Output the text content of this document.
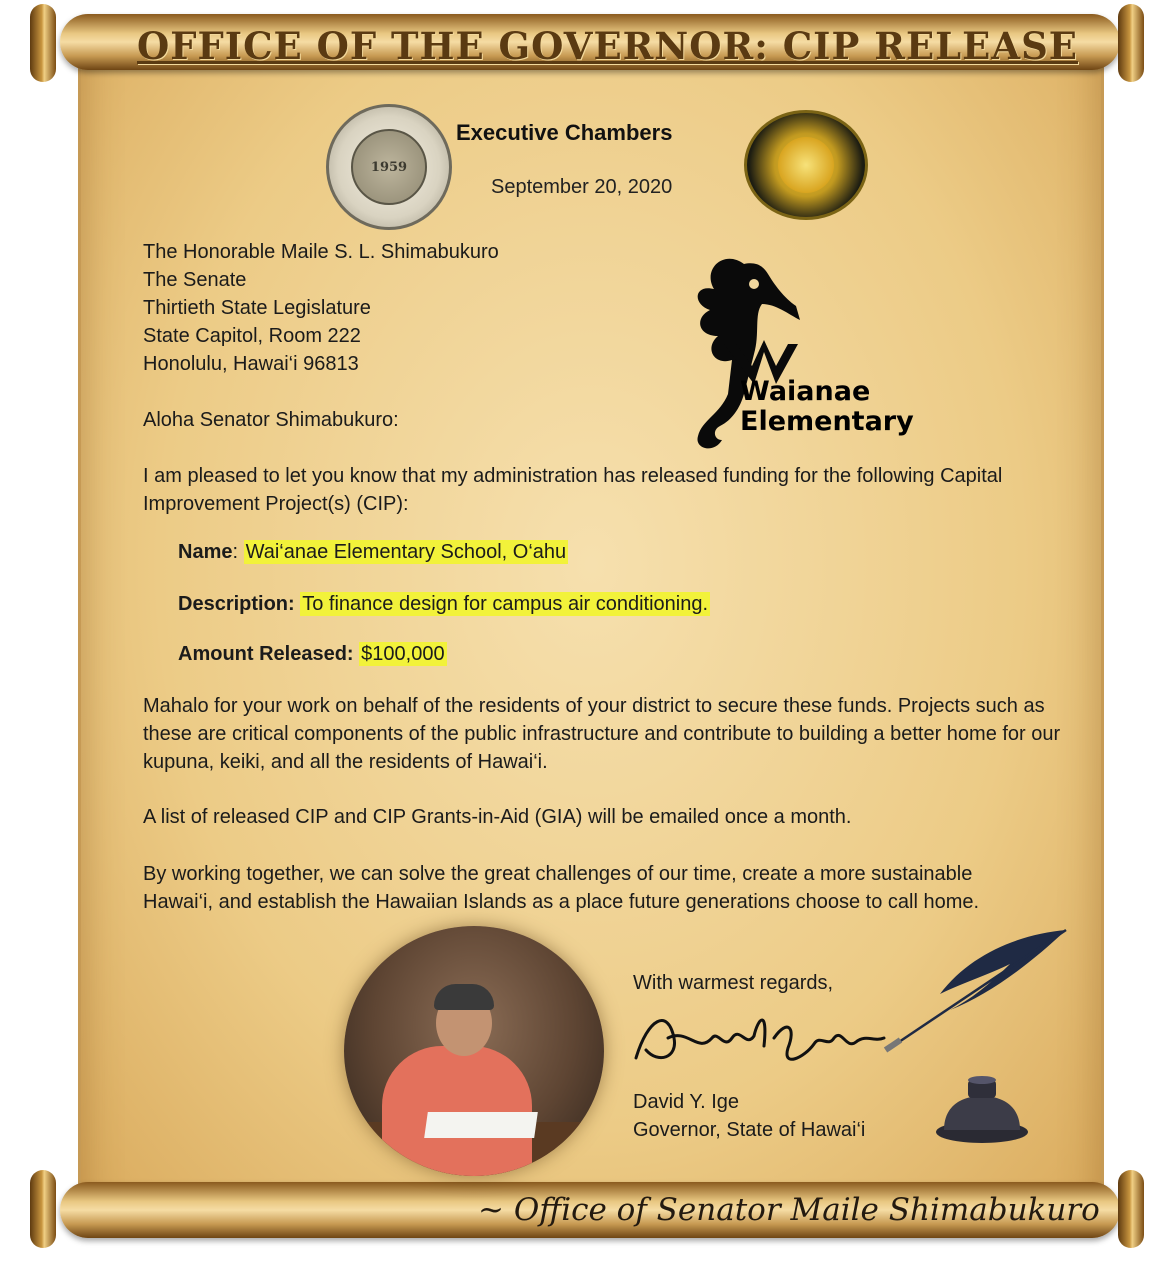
OFFICE OF THE GOVERNOR: CIP RELEASE
1959
Executive Chambers
September 20, 2020
The Honorable Maile S. L. Shimabukuro
The Senate
Thirtieth State Legislature
State Capitol, Room 222
Honolulu, Hawai‘i 96813
Waianae
Elementary
Aloha Senator Shimabukuro:
I am pleased to let you know that my administration has released funding for the following Capital Improvement Project(s) (CIP):
Name: Wai‘anae Elementary School, O‘ahu
Description: To finance design for campus air conditioning.
Amount Released: $100,000
Mahalo for your work on behalf of the residents of your district to secure these funds. Projects such as these are critical components of the public infrastructure and contribute to building a better home for our kupuna, keiki, and all the residents of Hawai‘i.
A list of released CIP and CIP Grants-in-Aid (GIA) will be emailed once a month.
By working together, we can solve the great challenges of our time, create a more sustainable Hawai‘i, and establish the Hawaiian Islands as a place future generations choose to call home.
With warmest regards,
David Y. Ige
Governor, State of Hawai‘i
~ Office of Senator Maile Shimabukuro
